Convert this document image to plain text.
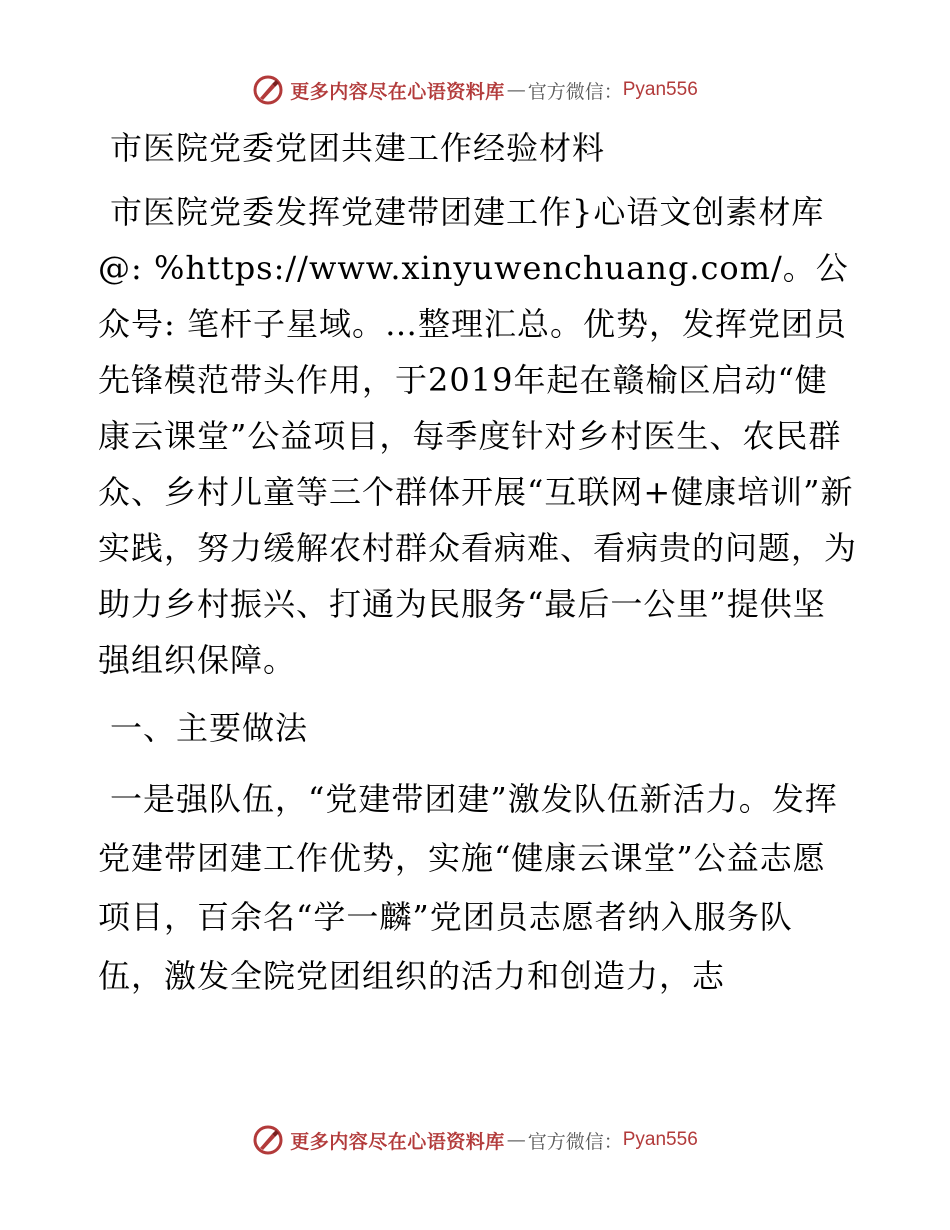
更多内容尽在心语资料库 — 官方微信： Pyan556
市医院党委党团共建工作经验材料

市医院党委发挥党建带团建工作}心语文创素材库@: %https://www.xinyuwenchuang.com/。公众号: 笔杆子星域。…整理汇总。优势，发挥党团员先锋模范带头作用，于2019年起在赣榆区启动“健康云课堂”公益项目，每季度针对乡村医生、农民群众、乡村儿童等三个群体开展“互联网+健康培训”新实践，努力缓解农村群众看病难、看病贵的问题，为助力乡村振兴、打通为民服务“最后一公里”提供坚强组织保障。

一、主要做法

一是强队伍，“党建带团建”激发队伍新活力。发挥党建带团建工作优势，实施“健康云课堂”公益志愿项目，百余名“学一麟”党团员志愿者纳入服务队伍，激发全院党团组织的活力和创造力，志

更多内容尽在心语资料库 — 官方微信： Pyan556
